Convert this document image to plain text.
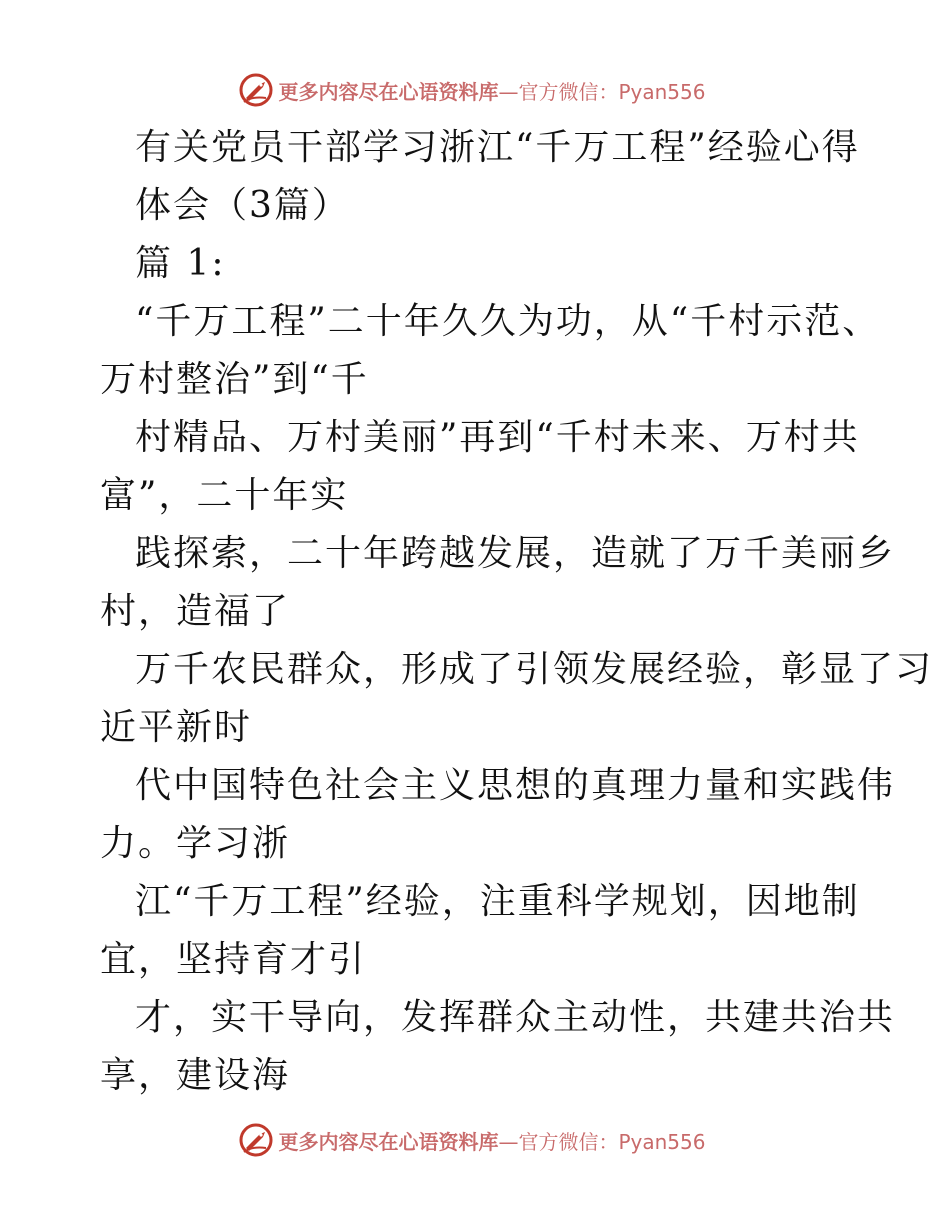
更多内容尽在心语资料库—官方微信：Pyan556
有关党员干部学习浙江“千万工程”经验心得
体会（3篇）
篇 1:
“千万工程”二十年久久为功，从“千村示范、
万村整治”到“千
村精品、万村美丽”再到“千村未来、万村共
富”，二十年实
践探索，二十年跨越发展，造就了万千美丽乡
村，造福了
万千农民群众，形成了引领发展经验，彰显了习
近平新时
代中国特色社会主义思想的真理力量和实践伟
力。学习浙
江“千万工程”经验，注重科学规划，因地制
宜，坚持育才引
才，实干导向，发挥群众主动性，共建共治共
享，建设海
更多内容尽在心语资料库—官方微信：Pyan556
